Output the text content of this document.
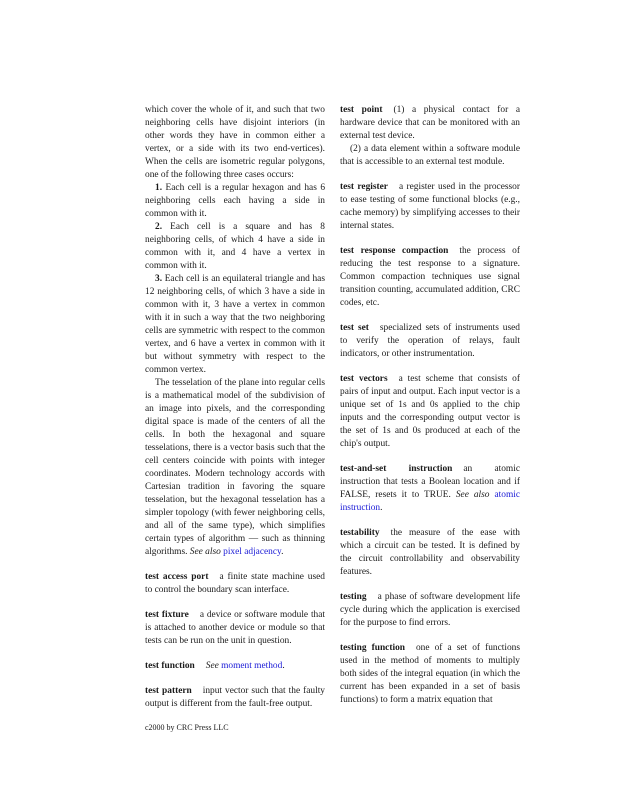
which cover the whole of it, and such that two neighboring cells have disjoint interiors (in other words they have in common either a vertex, or a side with its two end-vertices). When the cells are isometric regular polygons, one of the following three cases occurs:

1. Each cell is a regular hexagon and has 6 neighboring cells each having a side in common with it.

2. Each cell is a square and has 8 neighboring cells, of which 4 have a side in common with it, and 4 have a vertex in common with it.

3. Each cell is an equilateral triangle and has 12 neighboring cells, of which 3 have a side in common with it, 3 have a vertex in common with it in such a way that the two neighboring cells are symmetric with respect to the common vertex, and 6 have a vertex in common with it but without symmetry with respect to the common vertex.

The tesselation of the plane into regular cells is a mathematical model of the subdivision of an image into pixels, and the corresponding digital space is made of the centers of all the cells. In both the hexagonal and square tesselations, there is a vector basis such that the cell centers coincide with points with integer coordinates. Modern technology accords with Cartesian tradition in favoring the square tesselation, but the hexagonal tesselation has a simpler topology (with fewer neighboring cells, and all of the same type), which simplifies certain types of algorithm — such as thinning algorithms. See also pixel adjacency.

test access port a finite state machine used to control the boundary scan interface.

test fixture a device or software module that is attached to another device or module so that tests can be run on the unit in question.

test function See moment method.

test pattern input vector such that the faulty output is different from the fault-free output.

test point (1) a physical contact for a hardware device that can be monitored with an external test device.

(2) a data element within a software module that is accessible to an external test module.

test register a register used in the processor to ease testing of some functional blocks (e.g., cache memory) by simplifying accesses to their internal states.

test response compaction the process of reducing the test response to a signature. Common compaction techniques use signal transition counting, accumulated addition, CRC codes, etc.

test set specialized sets of instruments used to verify the operation of relays, fault indicators, or other instrumentation.

test vectors a test scheme that consists of pairs of input and output. Each input vector is a unique set of 1s and 0s applied to the chip inputs and the corresponding output vector is the set of 1s and 0s produced at each of the chip's output.

test-and-set instruction an atomic instruction that tests a Boolean location and if FALSE, resets it to TRUE. See also atomic instruction.

testability the measure of the ease with which a circuit can be tested. It is defined by the circuit controllability and observability features.

testing a phase of software development life cycle during which the application is exercised for the purpose to find errors.

testing function one of a set of functions used in the method of moments to multiply both sides of the integral equation (in which the current has been expanded in a set of basis functions) to form a matrix equation that

c2000 by CRC Press LLC
